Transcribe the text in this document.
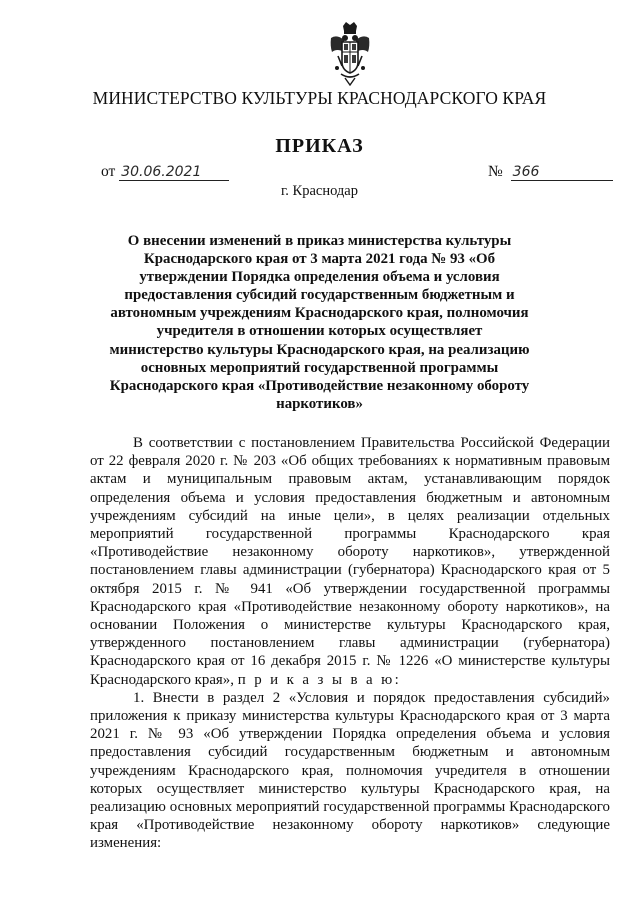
МИНИСТЕРСТВО КУЛЬТУРЫ КРАСНОДАРСКОГО КРАЯ
ПРИКАЗ
от 30.06.2021	№ 366
г. Краснодар
О внесении изменений в приказ министерства культуры Краснодарского края от 3 марта 2021 года № 93 «Об утверждении Порядка определения объема и условия предоставления субсидий государственным бюджетным и автономным учреждениям Краснодарского края, полномочия учредителя в отношении которых осуществляет министерство культуры Краснодарского края, на реализацию основных мероприятий государственной программы Краснодарского края «Противодействие незаконному обороту наркотиков»

В соответствии с постановлением Правительства Российской Федерации от 22 февраля 2020 г. № 203 «Об общих требованиях к нормативным правовым актам и муниципальным правовым актам, устанавливающим порядок определения объема и условия предоставления бюджетным и автономным учреждениям субсидий на иные цели», в целях реализации отдельных мероприятий государственной программы Краснодарского края «Противодействие незаконному обороту наркотиков», утвержденной постановлением главы администрации (губернатора) Краснодарского края от 5 октября 2015 г. № 941 «Об утверждении государственной программы Краснодарского края «Противодействие незаконному обороту наркотиков», на основании Положения о министерстве культуры Краснодарского края, утвержденного постановлением главы администрации (губернатора) Краснодарского края от 16 декабря 2015 г. № 1226 «О министерстве культуры Краснодарского края», п р и к а з ы в а ю:

1. Внести в раздел 2 «Условия и порядок предоставления субсидий» приложения к приказу министерства культуры Краснодарского края от 3 марта 2021 г. № 93 «Об утверждении Порядка определения объема и условия предоставления субсидий государственным бюджетным и автономным учреждениям Краснодарского края, полномочия учредителя в отношении которых осуществляет министерство культуры Краснодарского края, на реализацию основных мероприятий государственной программы Краснодарского края «Противодействие незаконному обороту наркотиков» следующие изменения:
